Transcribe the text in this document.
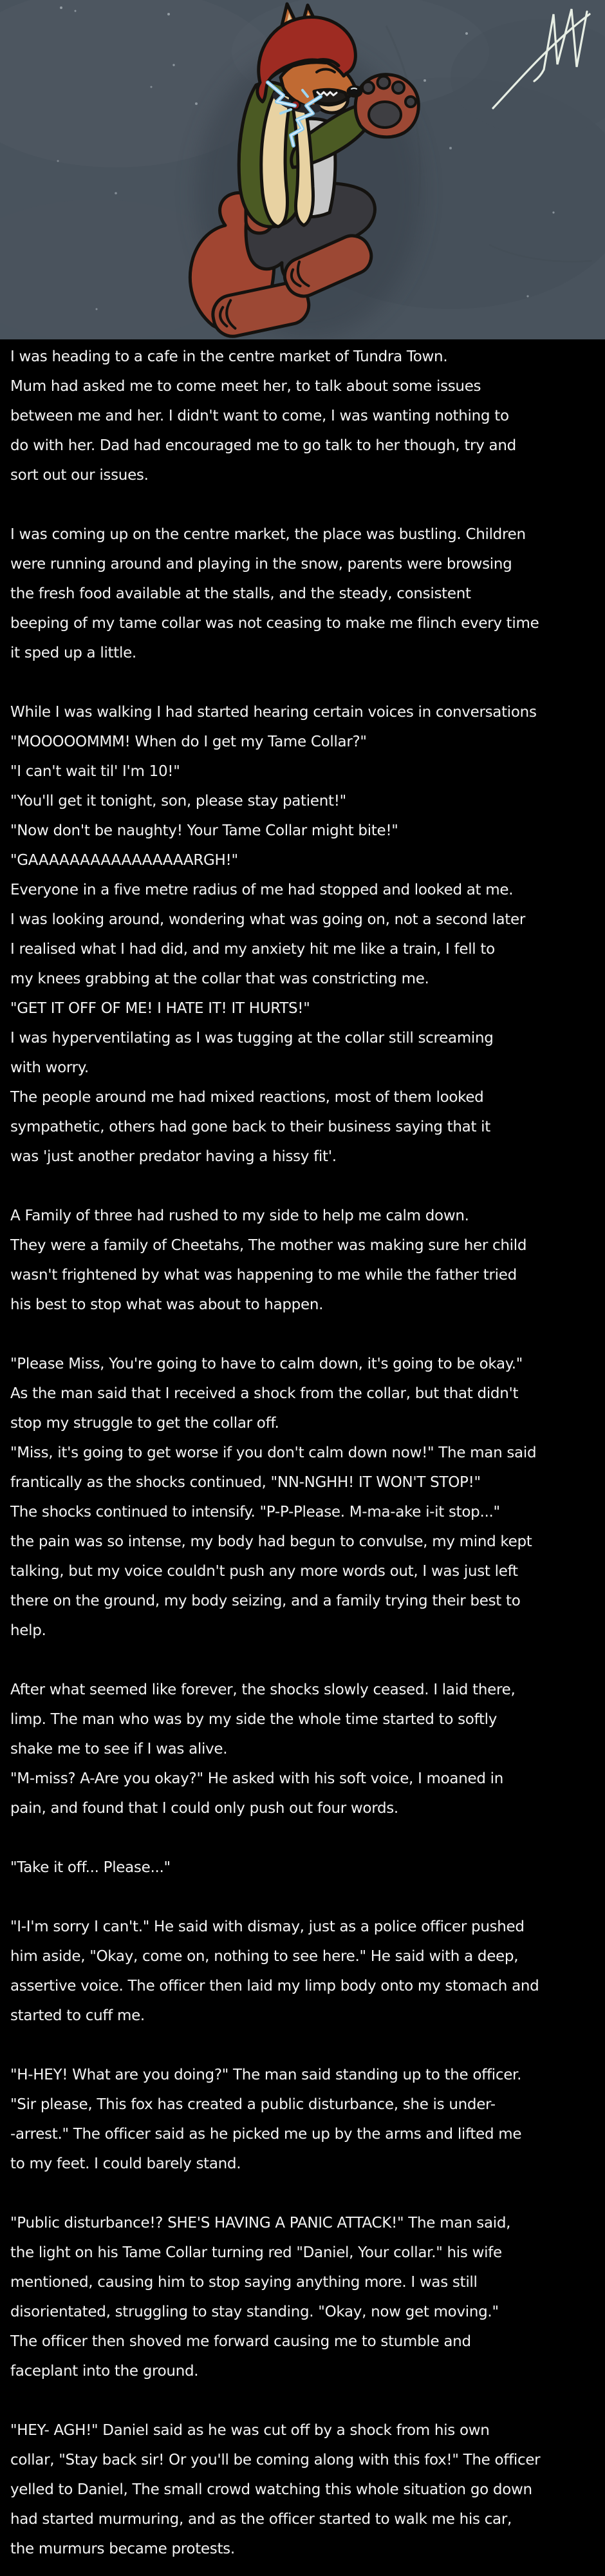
I was heading to a cafe in the centre market of Tundra Town.
Mum had asked me to come meet her, to talk about some issues
between me and her. I didn't want to come, I was wanting nothing to
do with her. Dad had encouraged me to go talk to her though, try and
sort out our issues.

I was coming up on the centre market, the place was bustling. Children
were running around and playing in the snow, parents were browsing
the fresh food available at the stalls, and the steady, consistent
beeping of my tame collar was not ceasing to make me flinch every time
it sped up a little.

While I was walking I had started hearing certain voices in conversations
"MOOOOOMMM! When do I get my Tame Collar?"
"I can't wait til' I'm 10!"
"You'll get it tonight, son, please stay patient!"
"Now don't be naughty! Your Tame Collar might bite!"
"GAAAAAAAAAAAAAAAARGH!"
Everyone in a five metre radius of me had stopped and looked at me.
I was looking around, wondering what was going on, not a second later
I realised what I had did, and my anxiety hit me like a train, I fell to
my knees grabbing at the collar that was constricting me.
"GET IT OFF OF ME! I HATE IT! IT HURTS!"
I was hyperventilating as I was tugging at the collar still screaming
with worry.
The people around me had mixed reactions, most of them looked
sympathetic, others had gone back to their business saying that it
was 'just another predator having a hissy fit'.

A Family of three had rushed to my side to help me calm down.
They were a family of Cheetahs, The mother was making sure her child
wasn't frightened by what was happening to me while the father tried
his best to stop what was about to happen.

"Please Miss, You're going to have to calm down, it's going to be okay."
As the man said that I received a shock from the collar, but that didn't
stop my struggle to get the collar off.
"Miss, it's going to get worse if you don't calm down now!" The man said
frantically as the shocks continued, "NN-NGHH! IT WON'T STOP!"
The shocks continued to intensify. "P-P-Please. M-ma-ake i-it stop..."
the pain was so intense, my body had begun to convulse, my mind kept
talking, but my voice couldn't push any more words out, I was just left
there on the ground, my body seizing, and a family trying their best to
help.

After what seemed like forever, the shocks slowly ceased. I laid there,
limp. The man who was by my side the whole time started to softly
shake me to see if I was alive.
"M-miss? A-Are you okay?" He asked with his soft voice, I moaned in
pain, and found that I could only push out four words.

"Take it off... Please..."

"I-I'm sorry I can't." He said with dismay, just as a police officer pushed
him aside, "Okay, come on, nothing to see here." He said with a deep,
assertive voice. The officer then laid my limp body onto my stomach and
started to cuff me.

"H-HEY! What are you doing?" The man said standing up to the officer.
"Sir please, This fox has created a public disturbance, she is under-
-arrest." The officer said as he picked me up by the arms and lifted me
to my feet. I could barely stand.

"Public disturbance!? SHE'S HAVING A PANIC ATTACK!" The man said,
the light on his Tame Collar turning red "Daniel, Your collar." his wife
mentioned, causing him to stop saying anything more. I was still
disorientated, struggling to stay standing. "Okay, now get moving."
The officer then shoved me forward causing me to stumble and
faceplant into the ground.

"HEY- AGH!" Daniel said as he was cut off by a shock from his own
collar, "Stay back sir! Or you'll be coming along with this fox!" The officer
yelled to Daniel, The small crowd watching this whole situation go down
had started murmuring, and as the officer started to walk me his car,
the murmurs became protests.
